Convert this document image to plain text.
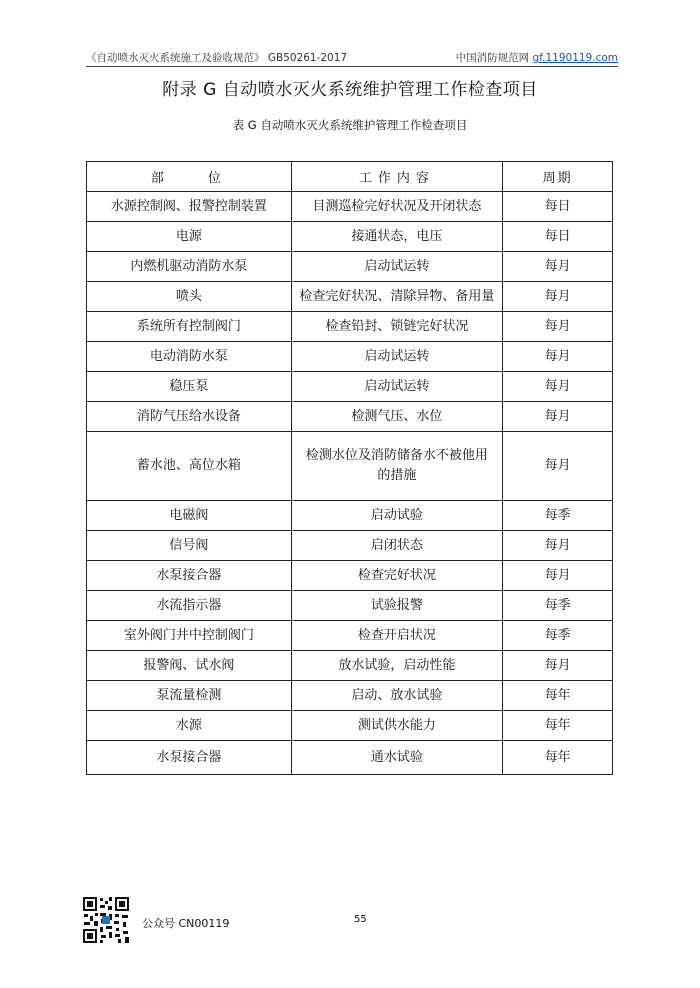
《自动喷水灭火系统施工及验收规范》 GB50261-2017	中国消防规范网 gf.1190119.com
附录 G 自动喷水灭火系统维护管理工作检查项目
表 G 自动喷水灭火系统维护管理工作检查项目
部　　位	工作内容	周期
水源控制阀、报警控制装置	目测巡检完好状况及开闭状态	每日
电源	接通状态，电压	每日
内燃机驱动消防水泵	启动试运转	每月
喷头	检查完好状况、清除异物、备用量	每月
系统所有控制阀门	检查铅封、锁链完好状况	每月
电动消防水泵	启动试运转	每月
稳压泵	启动试运转	每月
消防气压给水设备	检测气压、水位	每月
蓄水池、高位水箱	检测水位及消防储备水不被他用的措施	每月
电磁阀	启动试验	每季
信号阀	启闭状态	每月
水泵接合器	检查完好状况	每月
水流指示器	试验报警	每季
室外阀门井中控制阀门	检查开启状况	每季
报警阀、试水阀	放水试验，启动性能	每月
泵流量检测	启动、放水试验	每年
水源	测试供水能力	每年
水泵接合器	通水试验	每年
公众号 CN00119	55
